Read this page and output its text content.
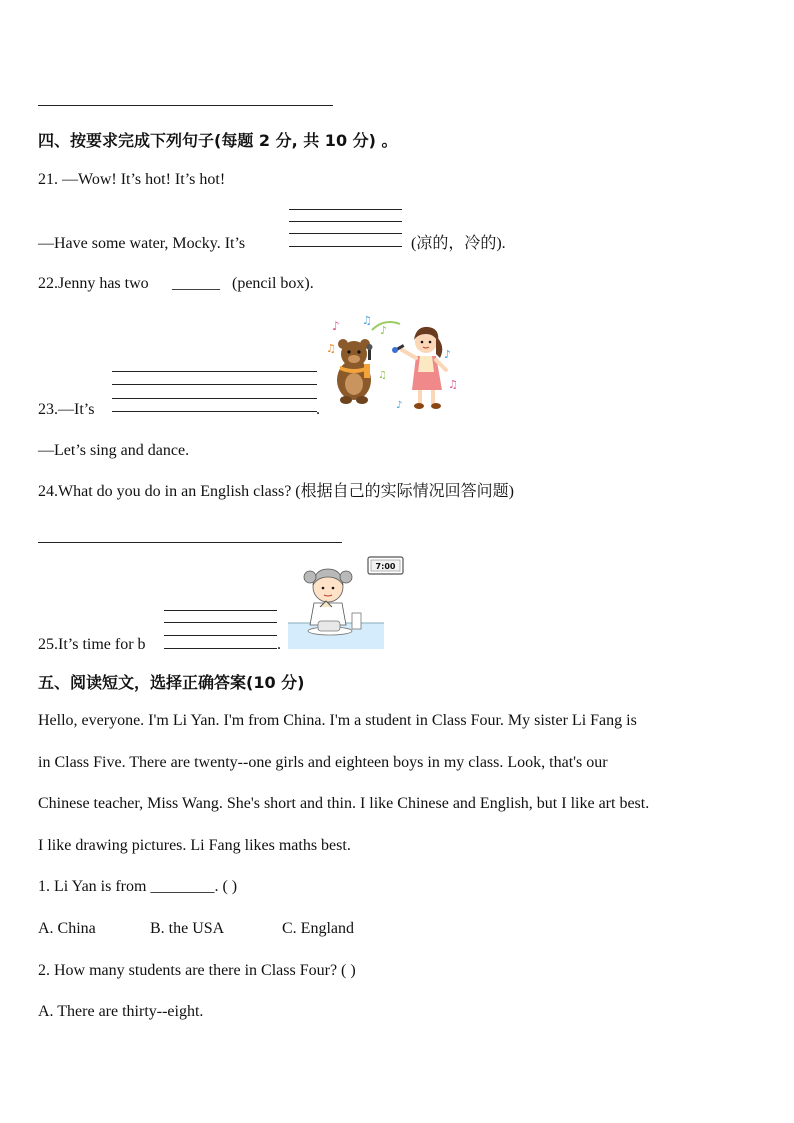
四、按要求完成下列句子(每题 2 分, 共 10 分) 。
21. —Wow! It’s hot! It’s hot!
—Have some water, Mocky. It’s	(凉的，冷的).
22.Jenny has two ______ (pencil box).
♪
♫
♫
♪
♪
♫
♫
♪
23.—It’s	.
—Let’s sing and dance.
24.What do you do in an English class? (根据自己的实际情况回答问题)
7:00
25.It’s time for b	.
五、阅读短文，选择正确答案(10 分)
Hello, everyone. I'm Li Yan. I'm from China. I'm a student in Class Four. My sister Li Fang is
in Class Five. There are twenty--one girls and eighteen boys in my class. Look, that's our
Chinese teacher, Miss Wang. She's short and thin. I like Chinese and English, but I like art best.
I like drawing pictures. Li Fang likes maths best.
1. Li Yan is from ________. ( )
A. China	B. the USA	C. England
2. How many students are there in Class Four? ( )
A. There are thirty--eight.
